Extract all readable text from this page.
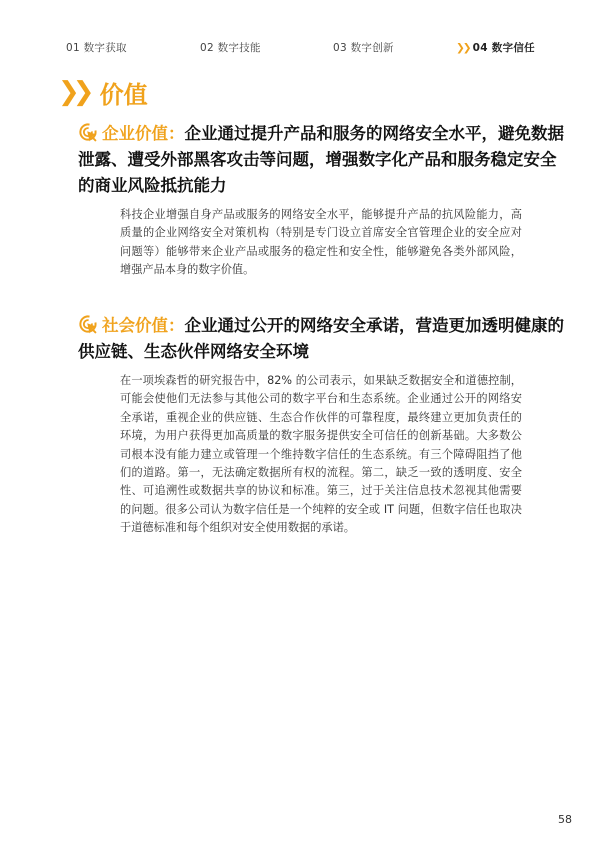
01 数字获取	02 数字技能	03 数字创新	❯❯ 04 数字信任
❯❯ 价值
企业价值：企业通过提升产品和服务的网络安全水平，避免数据泄露、遭受外部黑客攻击等问题，增强数字化产品和服务稳定安全的商业风险抵抗能力

科技企业增强自身产品或服务的网络安全水平，能够提升产品的抗风险能力，高质量的企业网络安全对策机构（特别是专门设立首席安全官管理企业的安全应对问题等）能够带来企业产品或服务的稳定性和安全性，能够避免各类外部风险，增强产品本身的数字价值。

社会价值：企业通过公开的网络安全承诺，营造更加透明健康的供应链、生态伙伴网络安全环境

在一项埃森哲的研究报告中，82% 的公司表示，如果缺乏数据安全和道德控制，可能会使他们无法参与其他公司的数字平台和生态系统。企业通过公开的网络安全承诺，重视企业的供应链、生态合作伙伴的可靠程度，最终建立更加负责任的环境，为用户获得更加高质量的数字服务提供安全可信任的创新基础。大多数公司根本没有能力建立或管理一个维持数字信任的生态系统。有三个障碍阻挡了他们的道路。第一，无法确定数据所有权的流程。第二，缺乏一致的透明度、安全性、可追溯性或数据共享的协议和标准。第三，过于关注信息技术忽视其他需要的问题。很多公司认为数字信任是一个纯粹的安全或 IT 问题，但数字信任也取决于道德标准和每个组织对安全使用数据的承诺。

58
